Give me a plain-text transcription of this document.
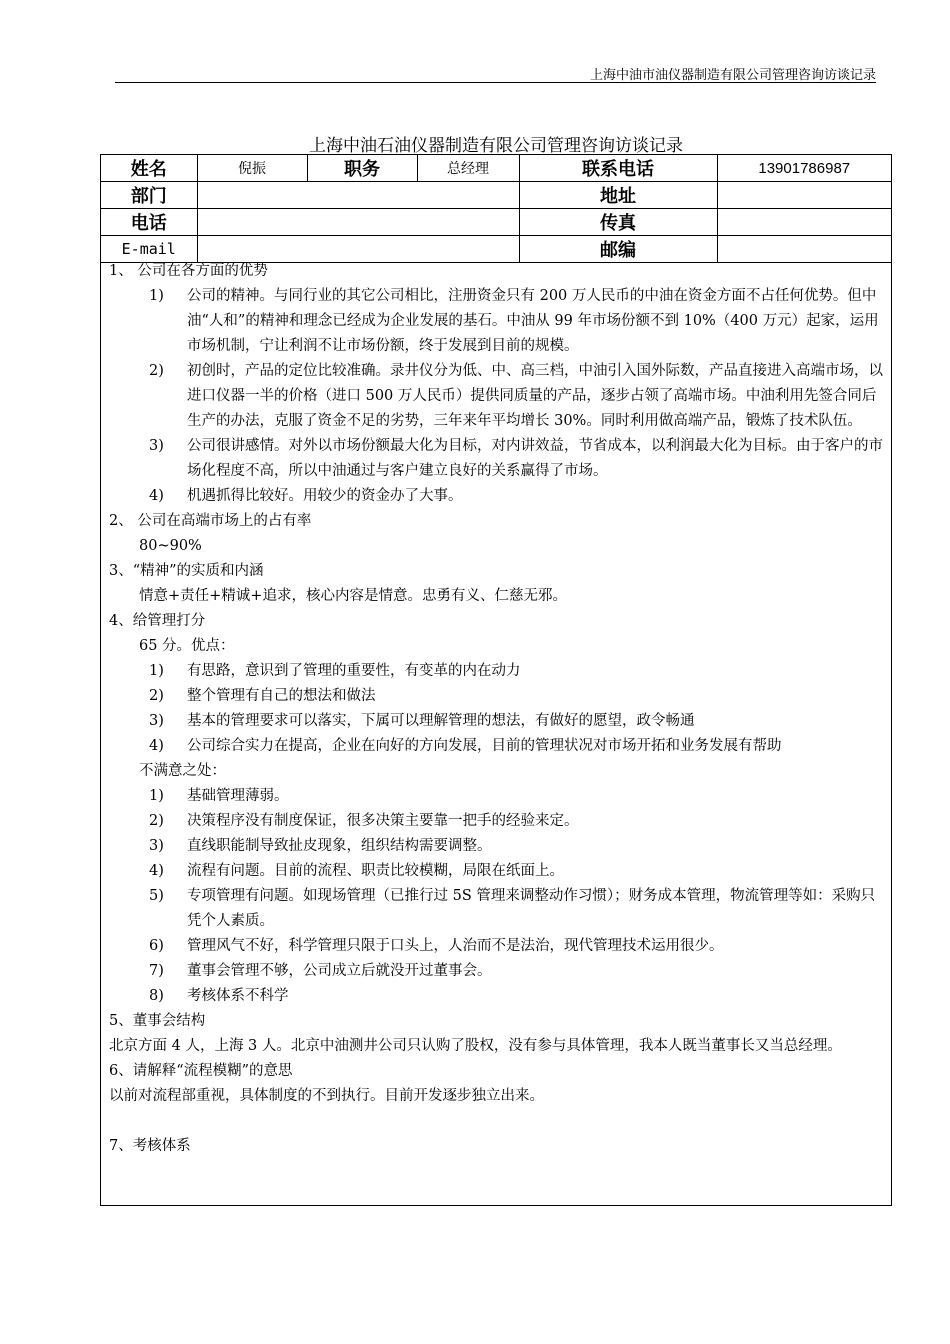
上海中油市油仪器制造有限公司管理咨询访谈记录
上海中油石油仪器制造有限公司管理咨询访谈记录
姓名	倪振	职务	总经理	联系电话	13901786987
部门				地址	
电话				传真	
E-mail				邮编	

1、 公司在各方面的优势

1)	公司的精神。与同行业的其它公司相比，注册资金只有 200 万人民币的中油在资金方面不占任何优势。但中油“人和”的精神和理念已经成为企业发展的基石。中油从 99 年市场份额不到 10%（400 万元）起家，运用市场机制，宁让利润不让市场份额，终于发展到目前的规模。
2)	初创时，产品的定位比较准确。录井仪分为低、中、高三档，中油引入国外际数，产品直接进入高端市场，以进口仪器一半的价格（进口 500 万人民币）提供同质量的产品，逐步占领了高端市场。中油利用先签合同后生产的办法，克服了资金不足的劣势，三年来年平均增长 30%。同时利用做高端产品，锻炼了技术队伍。
3)	公司很讲感情。对外以市场份额最大化为目标，对内讲效益，节省成本，以利润最大化为目标。由于客户的市场化程度不高，所以中油通过与客户建立良好的关系赢得了市场。
4)	机遇抓得比较好。用较少的资金办了大事。

2、 公司在高端市场上的占有率

80~90%

3、“精神”的实质和内涵

情意+责任+精诚+追求，核心内容是情意。忠勇有义、仁慈无邪。

4、给管理打分

65 分。优点：

1)	有思路，意识到了管理的重要性，有变革的内在动力
2)	整个管理有自己的想法和做法
3)	基本的管理要求可以落实，下属可以理解管理的想法，有做好的愿望，政令畅通
4)	公司综合实力在提高，企业在向好的方向发展，目前的管理状况对市场开拓和业务发展有帮助

不满意之处：

1)	基础管理薄弱。
2)	决策程序没有制度保证，很多决策主要靠一把手的经验来定。
3)	直线职能制导致扯皮现象，组织结构需要调整。
4)	流程有问题。目前的流程、职责比较模糊，局限在纸面上。
5)	专项管理有问题。如现场管理（已推行过 5S 管理来调整动作习惯）；财务成本管理，物流管理等如：采购只凭个人素质。
6)	管理风气不好，科学管理只限于口头上，人治而不是法治，现代管理技术运用很少。
7)	董事会管理不够，公司成立后就没开过董事会。
8)	考核体系不科学

5、董事会结构

北京方面 4 人，上海 3 人。北京中油测井公司只认购了股权，没有参与具体管理，我本人既当董事长又当总经理。

6、请解释“流程模糊”的意思

以前对流程部重视，具体制度的不到执行。目前开发逐步独立出来。

7、考核体系
